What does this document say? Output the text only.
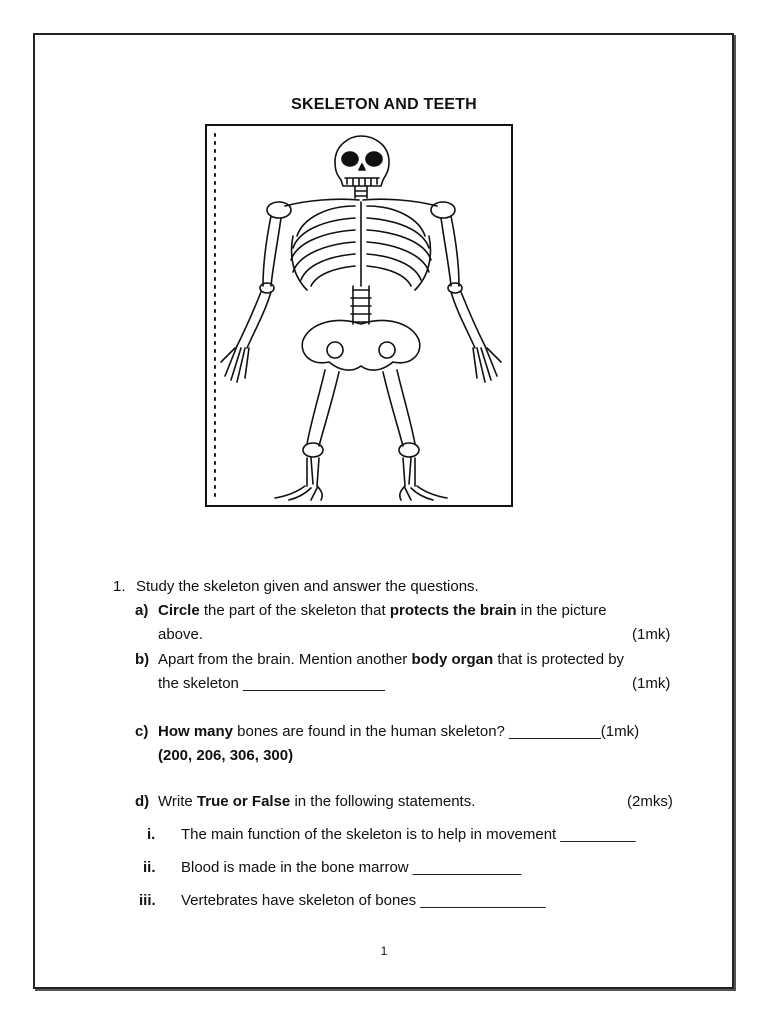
SKELETON AND TEETH
1. Study the skeleton given and answer the questions.
a) Circle the part of the skeleton that protects the brain in the picture
above.	(1mk)
b) Apart from the brain. Mention another body organ that is protected by
the skeleton _________________	(1mk)
c) How many bones are found in the human skeleton? ___________(1mk)
(200, 206, 306, 300)
d) Write True or False in the following statements.	(2mks)
i. The main function of the skeleton is to help in movement _________
ii. Blood is made in the bone marrow _____________
iii. Vertebrates have skeleton of bones _______________
1
